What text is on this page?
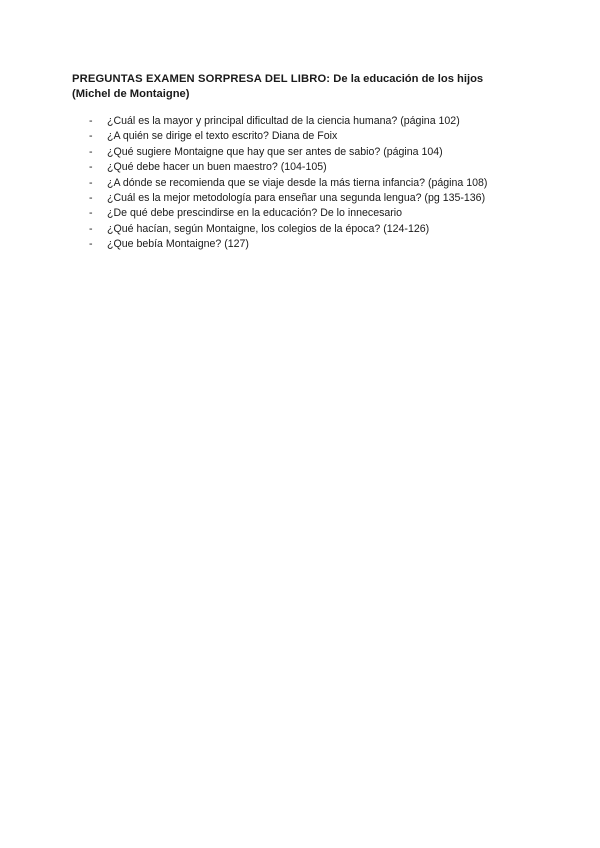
PREGUNTAS EXAMEN SORPRESA DEL LIBRO: De la educación de los hijos
(Michel de Montaigne)
-	¿Cuál es la mayor y principal dificultad de la ciencia humana? (página 102)
-	¿A quién se dirige el texto escrito? Diana de Foix
-	¿Qué sugiere Montaigne que hay que ser antes de sabio? (página 104)
-	¿Qué debe hacer un buen maestro? (104-105)
-	¿A dónde se recomienda que se viaje desde la más tierna infancia? (página 108)
-	¿Cuál es la mejor metodología para enseñar una segunda lengua? (pg 135-136)
-	¿De qué debe prescindirse en la educación? De lo innecesario
-	¿Qué hacían, según Montaigne, los colegios de la época? (124-126)
-	¿Que bebía Montaigne? (127)
